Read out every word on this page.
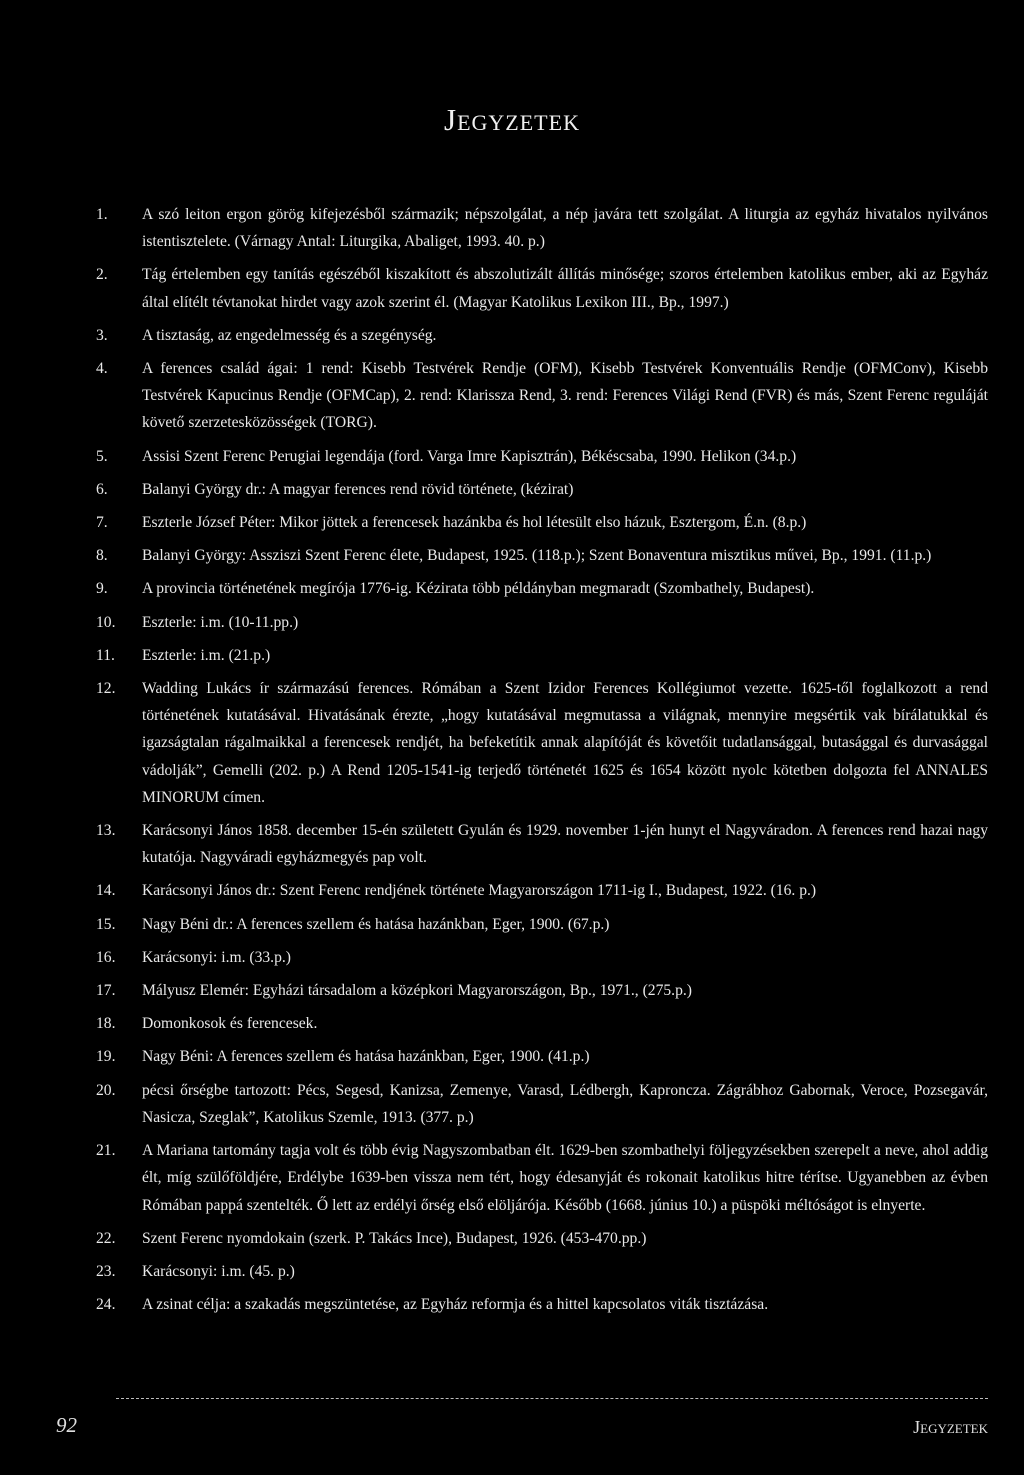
Jegyzetek
1.	A szó leiton ergon görög kifejezésből származik; népszolgálat, a nép javára tett szolgálat. A liturgia az egyház hivatalos nyilvános istentisztelete. (Várnagy Antal: Liturgika, Abaliget, 1993. 40. p.)
2.	Tág értelemben egy tanítás egészéből kiszakított és abszolutizált állítás minősége; szoros értelemben katolikus ember, aki az Egyház által elítélt tévtanokat hirdet vagy azok szerint él. (Magyar Katolikus Lexikon III., Bp., 1997.)
3.	A tisztaság, az engedelmesség és a szegénység.
4.	A ferences család ágai: 1 rend: Kisebb Testvérek Rendje (OFM), Kisebb Testvérek Konventuális Rendje (OFMConv), Kisebb Testvérek Kapucinus Rendje (OFMCap), 2. rend: Klarissza Rend, 3. rend: Ferences Világi Rend (FVR) és más, Szent Ferenc reguláját követő szerzetesközösségek (TORG).
5.	Assisi Szent Ferenc Perugiai legendája (ford. Varga Imre Kapisztrán), Békéscsaba, 1990. Helikon (34.p.)
6.	Balanyi György dr.: A magyar ferences rend rövid története, (kézirat)
7.	Eszterle József Péter: Mikor jöttek a ferencesek hazánkba és hol létesült elso házuk, Esztergom, É.n. (8.p.)
8.	Balanyi György: Assziszi Szent Ferenc élete, Budapest, 1925. (118.p.); Szent Bonaventura misztikus művei, Bp., 1991. (11.p.)
9.	A provincia történetének megírója 1776-ig. Kézirata több példányban megmaradt (Szombathely, Budapest).
10.	Eszterle: i.m. (10-11.pp.)
11.	Eszterle: i.m. (21.p.)
12.	Wadding Lukács ír származású ferences. Rómában a Szent Izidor Ferences Kollégiumot vezette. 1625-től foglalkozott a rend történetének kutatásával. Hivatásának érezte, „hogy kutatásával megmutassa a világnak, mennyire megsértik vak bírálatukkal és igazságtalan rágalmaikkal a ferencesek rendjét, ha befeketítik annak alapítóját és követőit tudatlansággal, butasággal és durvasággal vádolják”, Gemelli (202. p.) A Rend 1205-1541-ig terjedő történetét 1625 és 1654 között nyolc kötetben dolgozta fel ANNALES MINORUM címen.
13.	Karácsonyi János 1858. december 15-én született Gyulán és 1929. november 1-jén hunyt el Nagyváradon. A ferences rend hazai nagy kutatója. Nagyváradi egyházmegyés pap volt.
14.	Karácsonyi János dr.: Szent Ferenc rendjének története Magyarországon 1711-ig I., Budapest, 1922. (16. p.)
15.	Nagy Béni dr.: A ferences szellem és hatása hazánkban, Eger, 1900. (67.p.)
16.	Karácsonyi: i.m. (33.p.)
17.	Mályusz Elemér: Egyházi társadalom a középkori Magyarországon, Bp., 1971., (275.p.)
18.	Domonkosok és ferencesek.
19.	Nagy Béni: A ferences szellem és hatása hazánkban, Eger, 1900. (41.p.)
20.	pécsi őrségbe tartozott: Pécs, Segesd, Kanizsa, Zemenye, Varasd, Lédbergh, Kaproncza. Zágrábhoz Gabornak, Veroce, Pozsegavár, Nasicza, Szeglak”, Katolikus Szemle, 1913. (377. p.)
21.	A Mariana tartomány tagja volt és több évig Nagyszombatban élt. 1629-ben szombathelyi följegyzésekben szerepelt a neve, ahol addig élt, míg szülőföldjére, Erdélybe 1639-ben vissza nem tért, hogy édesanyját és rokonait katolikus hitre térítse. Ugyanebben az évben Rómában pappá szentelték. Ő lett az erdélyi őrség első elöljárója. Később (1668. június 10.) a püspöki méltóságot is elnyerte.
22.	Szent Ferenc nyomdokain (szerk. P. Takács Ince), Budapest, 1926. (453-470.pp.)
23.	Karácsonyi: i.m. (45. p.)
24.	A zsinat célja: a szakadás megszüntetése, az Egyház reformja és a hittel kapcsolatos viták tisztázása.
92	Jegyzetek
